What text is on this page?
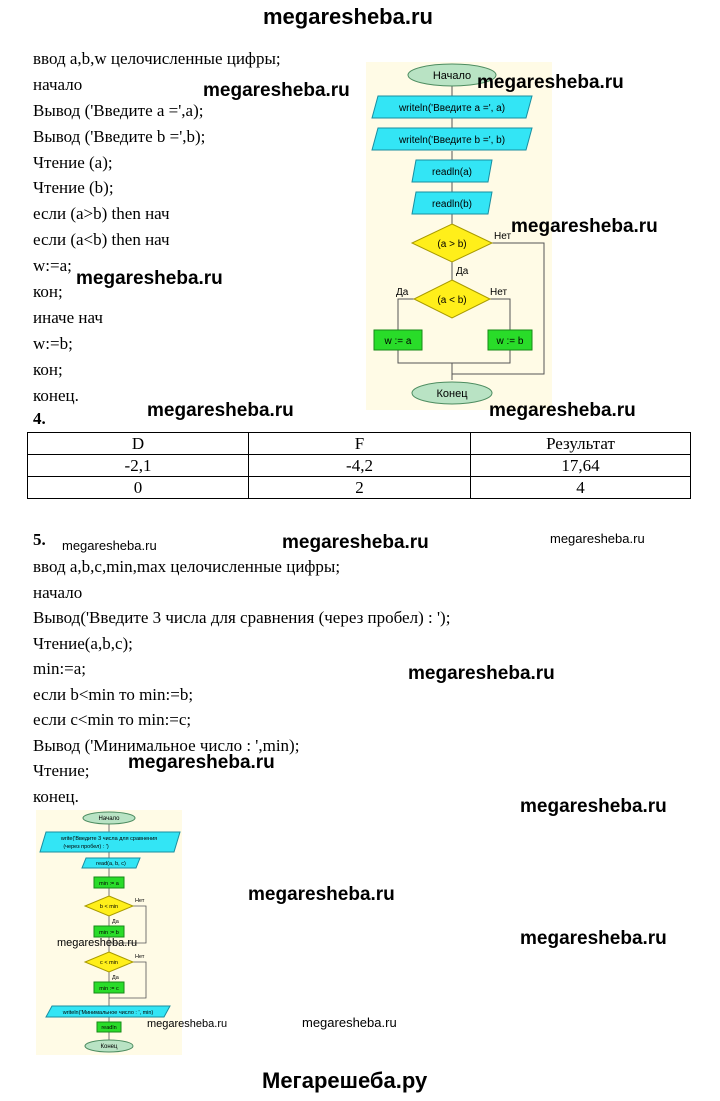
megaresheba.ru
ввод a,b,w целочисленные цифры;
начало
Вывод ('Введите a =',a);
Вывод ('Введите b =',b);
Чтение (a);
Чтение (b);
если (a>b) then нач
если (a<b) then нач
w:=a;
кон;
иначе нач
w:=b;
кон;
конец.
Начало
writeln('Введите a =', a)
writeln('Введите b =', b)
readln(a)
readln(b)
(a > b)
Нет
Да
(a < b)
Да	Нет
w := a	w := b
Конец
megaresheba.ru	megaresheba.ru
megaresheba.ru
megaresheba.ru
4.	megaresheba.ru	megaresheba.ru
D	F	Результат
-2,1	-4,2	17,64
0	2	4
5. megaresheba.ru	megaresheba.ru	megaresheba.ru
ввод a,b,c,min,max целочисленные цифры;
начало
Вывод('Введите 3 числа для сравнения (через пробел) : ');
Чтение(a,b,c);
min:=a;
если b<min то min:=b;
если c<min то min:=c;
Вывод ('Минимальное число : ',min);
Чтение;
конец.
megaresheba.ru
megaresheba.ru
megaresheba.ru
Начало
write('Введите 3 числа для сравнения
(через пробел) : ')
read(a, b, c)
min := a
b < min
Нет
Да
min := b
c < min
Нет
Да
min := c
writeln('Минимальное число : ', min)
readln
Конец
megaresheba.ru
megaresheba.ru
megaresheba.ru
megaresheba.ru	megaresheba.ru
Мегарешеба.ру
